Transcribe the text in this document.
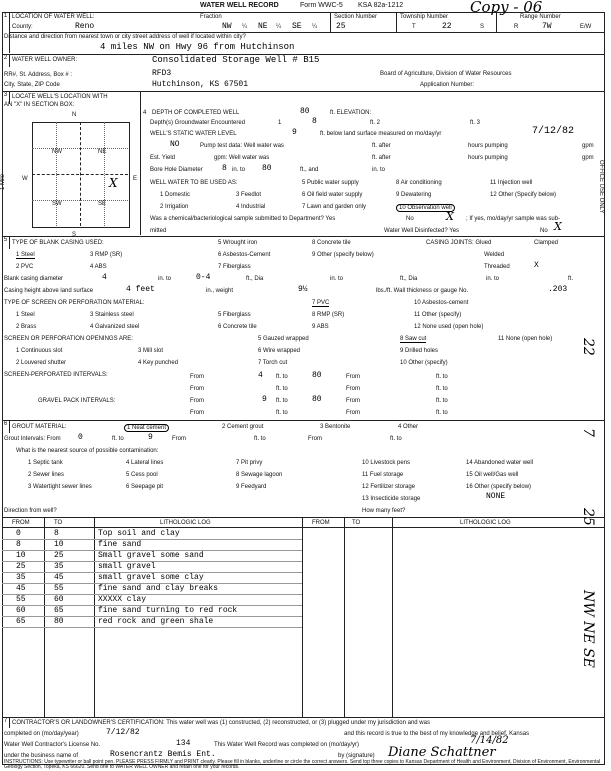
WATER WELL RECORD	Form WWC-5 KSA 82a-1212	Copy - 06
1 LOCATION OF WATER WELL:	Fraction
County:	Reno	NW ¼ NE ¼ SE ¼
Section Number
25
Township Number
T	22	S
Range Number
R	7W	E/W
Distance and direction from nearest town or city street address of well if located within city?
4 miles NW on Hwy 96 from Hutchinson
2 WATER WELL OWNER:	Consolidated Storage Well # B15
RR#, St. Address, Box # :	RFD3	Board of Agriculture, Division of Water Resources
City, State, ZIP Code	Hutchinson, KS 67501	Application Number:
3 LOCATE WELL'S LOCATION WITH
AN "X" IN SECTION BOX:
N
S
W	E
1 Mile
NW	NE
SW	SE
X
4 DEPTH OF COMPLETED WELL	80	ft. ELEVATION:
Depth(s) Groundwater Encountered	1	8	ft. 2	ft. 3
WELL'S STATIC WATER LEVEL	9	ft. below land surface measured on mo/day/yr	7/12/82
NO	Pump test data: Well water was	ft. after	hours pumping	gpm
Est. Yield	gpm: Well water was	ft. after	hours pumping	gpm
Bore Hole Diameter 8 in. to 80	ft., and	in. to
WELL WATER TO BE USED AS:	5 Public water supply	8 Air conditioning	11 Injection well
1 Domestic	3 Feedlot	6 Oil field water supply	9 Dewatering	12 Other (Specify below)
2 Irrigation	4 Industrial	7 Lawn and garden only	10 Observation well
Was a chemical/bacteriological sample submitted to Department? Yes	No	X ; If yes, mo/day/yr sample was sub-
mitted	Water Well Disinfected? Yes	No X
5 TYPE OF BLANK CASING USED:	5 Wrought iron	8 Concrete tile	CASING JOINTS: Glued	Clamped
1 Steel	3 RMP (SR)	6 Asbestos-Cement	9 Other (specify below)	Welded
2 PVC	4 ABS	7 Fiberglass	Threaded	X
Blank casing diameter	4	in. to	0-4	ft., Dia	in. to	ft., Dia	in. to	ft.
Casing height above land surface	4 feet	in., weight	9½	lbs./ft. Wall thickness or gauge No.	.203
TYPE OF SCREEN OR PERFORATION MATERIAL:	7 PVC	10 Asbestos-cement
1 Steel	3 Stainless steel	5 Fiberglass	8 RMP (SR)	11 Other (specify)
2 Brass	4 Galvanized steel	6 Concrete tile	9 ABS	12 None used (open hole)
SCREEN OR PERFORATION OPENINGS ARE:	5 Gauzed wrapped	8 Saw cut	11 None (open hole)
1 Continuous slot	3 Mill slot	6 Wire wrapped	9 Drilled holes
2 Louvered shutter	4 Key punched	7 Torch cut	10 Other (specify)
SCREEN-PERFORATED INTERVALS:	From	4 ft. to	80	From	ft. to
From	ft. to	From	ft. to
GRAVEL PACK INTERVALS:	From	9 ft. to	80	From	ft. to
From	ft. to	From	ft. to
6 GROUT MATERIAL:	1 Neat cement	2 Cement grout	3 Bentonite	4 Other
Grout Intervals: From 0	ft. to	9	From	ft. to	From	ft. to
What is the nearest source of possible contamination:
1 Septic tank	4 Lateral lines	7 Pit privy	10 Livestock pens	14 Abandoned water well
2 Sewer lines	5 Cess pool	8 Sewage lagoon	11 Fuel storage	15 Oil well/Gas well
3 Watertight sewer lines	6 Seepage pit	9 Feedyard	12 Fertilizer storage	16 Other (specify below)
13 Insecticide storage	NONE
Direction from well?	How many feet?
FROM	TO	LITHOLOGIC LOG	FROM	TO	LITHOLOGIC LOG
0	8	Top soil and clay
8	10	fine sand
10	25	Small gravel some sand
25	35	small gravel
35	45	small gravel some clay
45	55	fine sand and clay breaks
55	60	XXXXX clay
60	65	fine sand turning to red rock
65	80	red rock and green shale
7 CONTRACTOR'S OR LANDOWNER'S CERTIFICATION: This water well was (1) constructed, (2) reconstructed, or (3) plugged under my jurisdiction and was
completed on (mo/day/year)	7/12/82	and this record is true to the best of my knowledge and belief. Kansas
Water Well Contractor's License No.	134	This Water Well Record was completed on (mo/day/yr)	7/14/82
under the business name of	Rosencrantz Bemis Ent.	by (signature) Diane Schattner
INSTRUCTIONS: Use typewriter or ball point pen. PLEASE PRESS FIRMLY and PRINT clearly. Please fill in blanks, underline or circle the correct answers. Send top three copies to Kansas Department of Health and Environment, Division of Environment, Environmental Geology Section, Topeka, KS 66620. Send one to WATER WELL OWNER and retain one for your records.
OFFICE USE ONLY
22
7
25
NW NE SE
